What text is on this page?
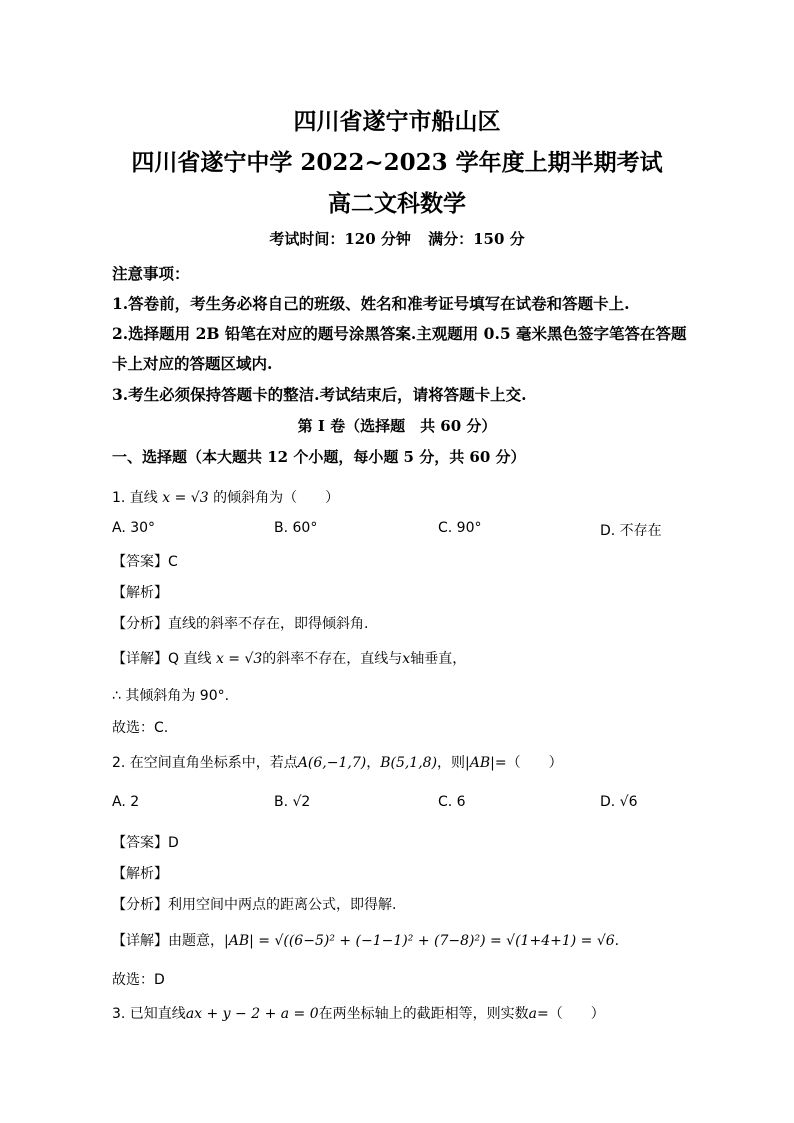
四川省遂宁市船山区
四川省遂宁中学 2022~2023 学年度上期半期考试
高二文科数学
考试时间：120 分钟 满分：150 分
注意事项：
1.答卷前，考生务必将自己的班级、姓名和准考证号填写在试卷和答题卡上.
2.选择题用 2B 铅笔在对应的题号涂黑答案.主观题用 0.5 毫米黑色签字笔答在答题
卡上对应的答题区域内.
3.考生必须保持答题卡的整洁.考试结束后，请将答题卡上交.
第 I 卷（选择题　共 60 分）
一、选择题（本大题共 12 个小题，每小题 5 分，共 60 分）
1. 直线 x = √3 的倾斜角为（　　）
A. 30°	B. 60°	C. 90°	D. 不存在
【答案】C
【解析】
【分析】直线的斜率不存在，即得倾斜角.
【详解】Q 直线 x = √3的斜率不存在，直线与x轴垂直，
∴ 其倾斜角为 90°.
故选：C.
2. 在空间直角坐标系中，若点A(6,−1,7)，B(5,1,8)，则|AB|=（　　）
A. 2	B. √2	C. 6	D. √6
【答案】D
【解析】
【分析】利用空间中两点的距离公式，即得解.
【详解】由题意，|AB| = √((6−5)² + (−1−1)² + (7−8)²) = √(1+4+1) = √6.
故选：D
3. 已知直线ax + y − 2 + a = 0在两坐标轴上的截距相等，则实数a=（　　）
